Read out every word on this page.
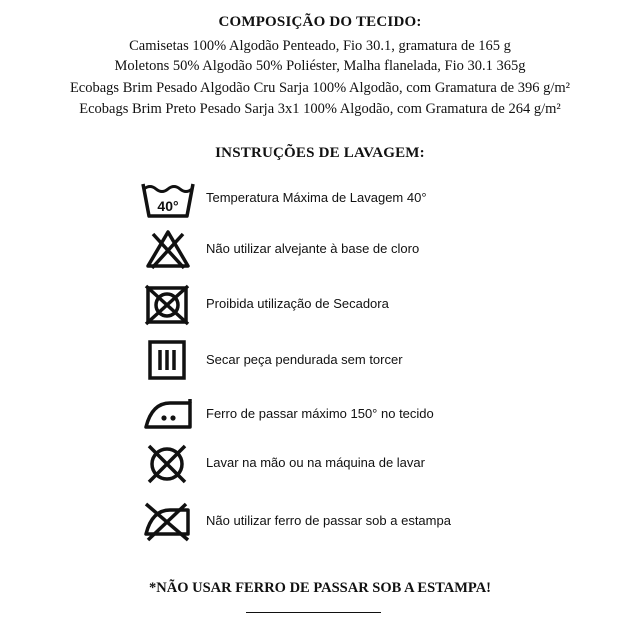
COMPOSIÇÃO DO TECIDO:
Camisetas 100% Algodão Penteado, Fio 30.1, gramatura de 165 g
Moletons 50% Algodão 50% Poliéster, Malha flanelada, Fio 30.1 365g
Ecobags Brim Pesado Algodão Cru Sarja 100% Algodão, com Gramatura de 396 g/m²
Ecobags Brim Preto Pesado Sarja 3x1 100% Algodão, com Gramatura de 264 g/m²
INSTRUÇÕES DE LAVAGEM:
40°
Temperatura Máxima de Lavagem 40°
Não utilizar alvejante à base de cloro
Proibida utilização de Secadora
Secar peça pendurada sem torcer
Ferro de passar máximo 150° no tecido
Lavar na mão ou na máquina de lavar
Não utilizar ferro de passar sob a estampa
*NÃO USAR FERRO DE PASSAR SOB A ESTAMPA!
